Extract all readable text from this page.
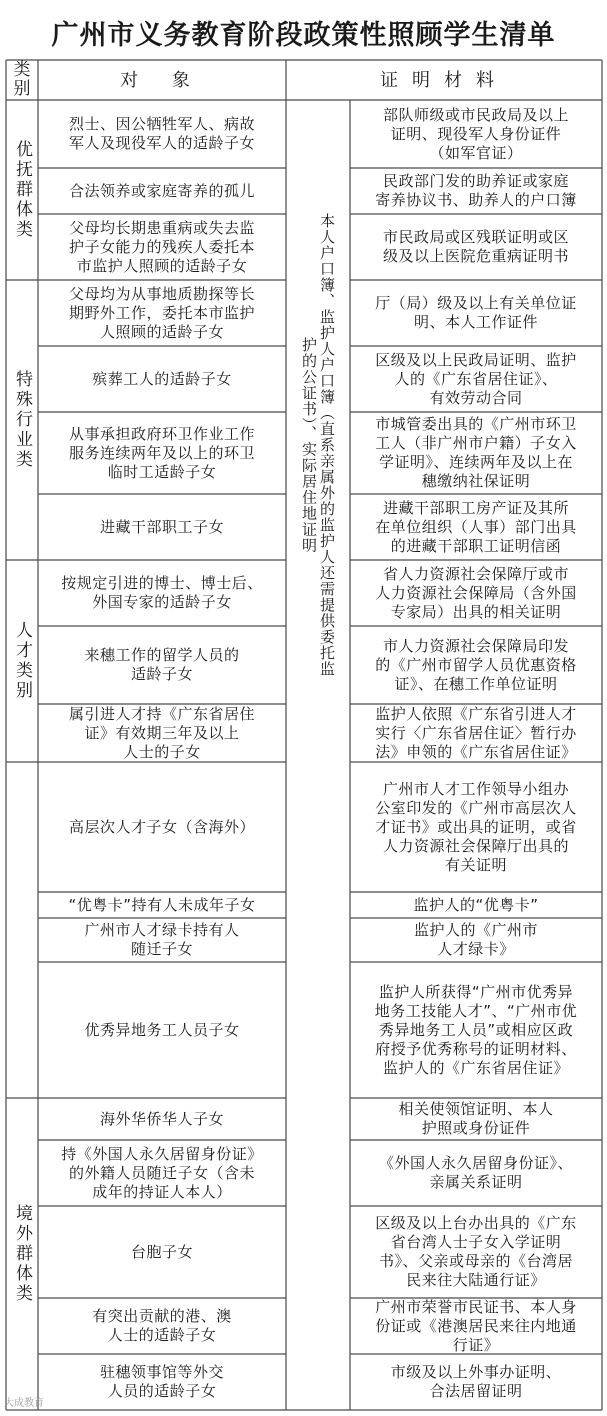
广州市义务教育阶段政策性照顾学生清单
类
别	对 象	证明材料
优抚群体类
特殊行业类
人才类别
境外群体类
本人户口簿、监护人户口簿（直系亲属外的监护人还需提供委托监护的公证书）、实际居住地证明
烈士、因公牺牲军人、病故
军人及现役军人的适龄子女
合法领养或家庭寄养的孤儿
父母均长期患重病或失去监
护子女能力的残疾人委托本
市监护人照顾的适龄子女
父母均为从事地质勘探等长
期野外工作，委托本市监护
人照顾的适龄子女
殡葬工人的适龄子女
从事承担政府环卫作业工作
服务连续两年及以上的环卫
临时工适龄子女
进藏干部职工子女
按规定引进的博士、博士后、
外国专家的适龄子女
来穗工作的留学人员的
适龄子女
属引进人才持《广东省居住
证》有效期三年及以上
人士的子女
高层次人才子女（含海外）
“优粤卡”持有人未成年子女
广州市人才绿卡持有人
随迁子女
优秀异地务工人员子女
海外华侨华人子女
持《外国人永久居留身份证》
的外籍人员随迁子女（含未
成年的持证人本人）
台胞子女
有突出贡献的港、澳
人士的适龄子女
驻穗领事馆等外交
人员的适龄子女
部队师级或市民政局及以上
证明、现役军人身份证件
（如军官证）
民政部门发的助养证或家庭
寄养协议书、助养人的户口簿
市民政局或区残联证明或区
级及以上医院危重病证明书
厅（局）级及以上有关单位证
明、本人工作证件
区级及以上民政局证明、监护
人的《广东省居住证》、
有效劳动合同
市城管委出具的《广州市环卫
工人（非广州市户籍）子女入
学证明》、连续两年及以上在
穗缴纳社保证明
进藏干部职工房产证及其所
在单位组织（人事）部门出具
的进藏干部职工证明信函
省人力资源社会保障厅或市
人力资源社会保障局（含外国
专家局）出具的相关证明
市人力资源社会保障局印发
的《广州市留学人员优惠资格
证》、在穗工作单位证明
监护人依照《广东省引进人才
实行〈广东省居住证〉暂行办
法》申领的《广东省居住证》
广州市人才工作领导小组办
公室印发的《广州市高层次人
才证书》或出具的证明，或省
人力资源社会保障厅出具的
有关证明
监护人的“优粤卡”
监护人的《广州市
人才绿卡》
监护人所获得“广州市优秀异
地务工技能人才”、“广州市优
秀异地务工人员”或相应区政
府授予优秀称号的证明材料、
监护人的《广东省居住证》
相关使领馆证明、本人
护照或身份证件
《外国人永久居留身份证》、
亲属关系证明
区级及以上台办出具的《广东
省台湾人士子女入学证明
书》、父亲或母亲的《台湾居
民来往大陆通行证》
广州市荣誉市民证书、本人身
份证或《港澳居民来往内地通
行证》
市级及以上外事办证明、
合法居留证明
大成教育
